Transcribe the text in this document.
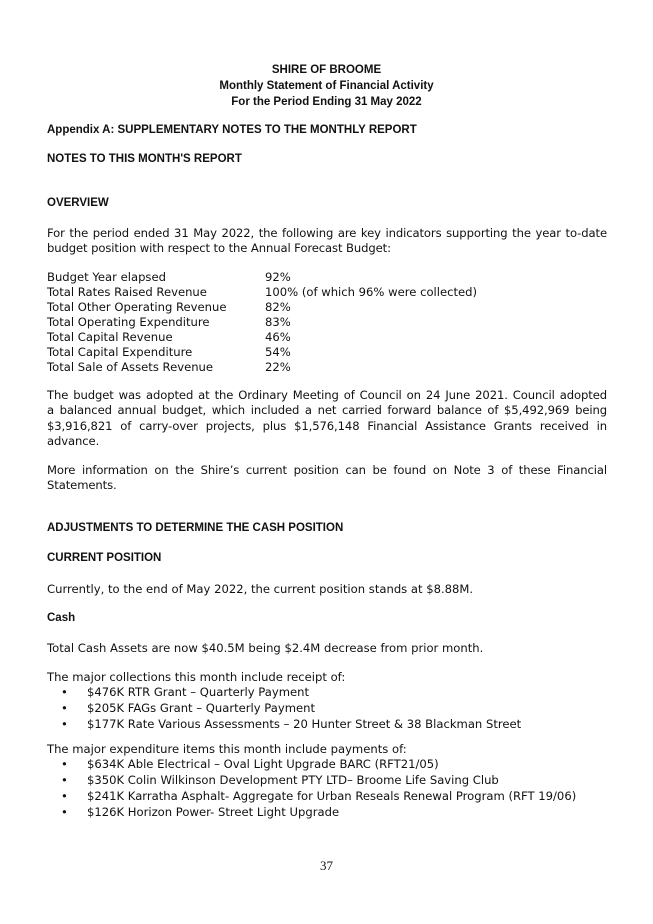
SHIRE OF BROOME
Monthly Statement of Financial Activity
For the Period Ending 31 May 2022
Appendix A: SUPPLEMENTARY NOTES TO THE MONTHLY REPORT
NOTES TO THIS MONTH'S REPORT
OVERVIEW
For the period ended 31 May 2022, the following are key indicators supporting the year to-date
budget position with respect to the Annual Forecast Budget:
Budget Year elapsed	92%
Total Rates Raised Revenue	100% (of which 96% were collected)
Total Other Operating Revenue	82%
Total Operating Expenditure	83%
Total Capital Revenue	46%
Total Capital Expenditure	54%
Total Sale of Assets Revenue	22%
The budget was adopted at the Ordinary Meeting of Council on 24 June 2021. Council adopted
a balanced annual budget, which included a net carried forward balance of $5,492,969 being
$3,916,821 of carry-over projects, plus $1,576,148 Financial Assistance Grants received in
advance.
More information on the Shire’s current position can be found on Note 3 of these Financial
Statements.
ADJUSTMENTS TO DETERMINE THE CASH POSITION
CURRENT POSITION
Currently, to the end of May 2022, the current position stands at $8.88M.
Cash
Total Cash Assets are now $40.5M being $2.4M decrease from prior month.
The major collections this month include receipt of:
• $476K RTR Grant – Quarterly Payment
• $205K FAGs Grant – Quarterly Payment
• $177K Rate Various Assessments – 20 Hunter Street & 38 Blackman Street
The major expenditure items this month include payments of:
• $634K Able Electrical – Oval Light Upgrade BARC (RFT21/05)
• $350K Colin Wilkinson Development PTY LTD– Broome Life Saving Club
• $241K Karratha Asphalt- Aggregate for Urban Reseals Renewal Program (RFT 19/06)
• $126K Horizon Power- Street Light Upgrade
37
